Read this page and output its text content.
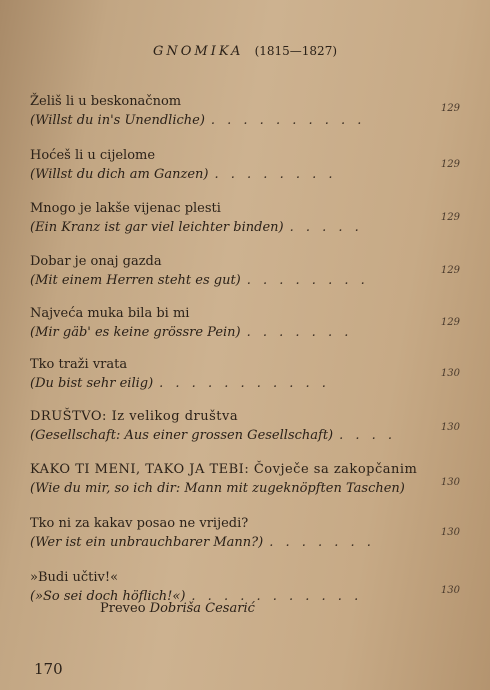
GNOMIKA (1815—1827)
Želiš li u beskonačnom
(Willst du in's Unendliche) . . . . . . . . . .
129
Hoćeš li u cijelome
(Willst du dich am Ganzen) . . . . . . . .
129
Mnogo je lakše vijenac plesti
(Ein Kranz ist gar viel leichter binden) . . . . .
129
Dobar je onaj gazda
(Mit einem Herren steht es gut) . . . . . . . .
129
Najveća muka bila bi mi
(Mir gäb' es keine grössre Pein) . . . . . . .
129
Tko traži vrata
(Du bist sehr eilig) . . . . . . . . . . .
130
DRUŠTVO: Iz velikog društva
(Gesellschaft: Aus einer grossen Gesellschaft) . . . .
130
KAKO TI MENI, TAKO JA TEBI: Čovječe sa zakopčanim
(Wie du mir, so ich dir: Mann mit zugeknöpften Taschen)	130
Tko ni za kakav posao ne vrijedi?
(Wer ist ein unbrauchbarer Mann?) . . . . . . .
130
»Budi učtiv!«
(»So sei doch höflich!«) . . . . . . . . . . .	130
Preveo Dobriša Cesarić
170
